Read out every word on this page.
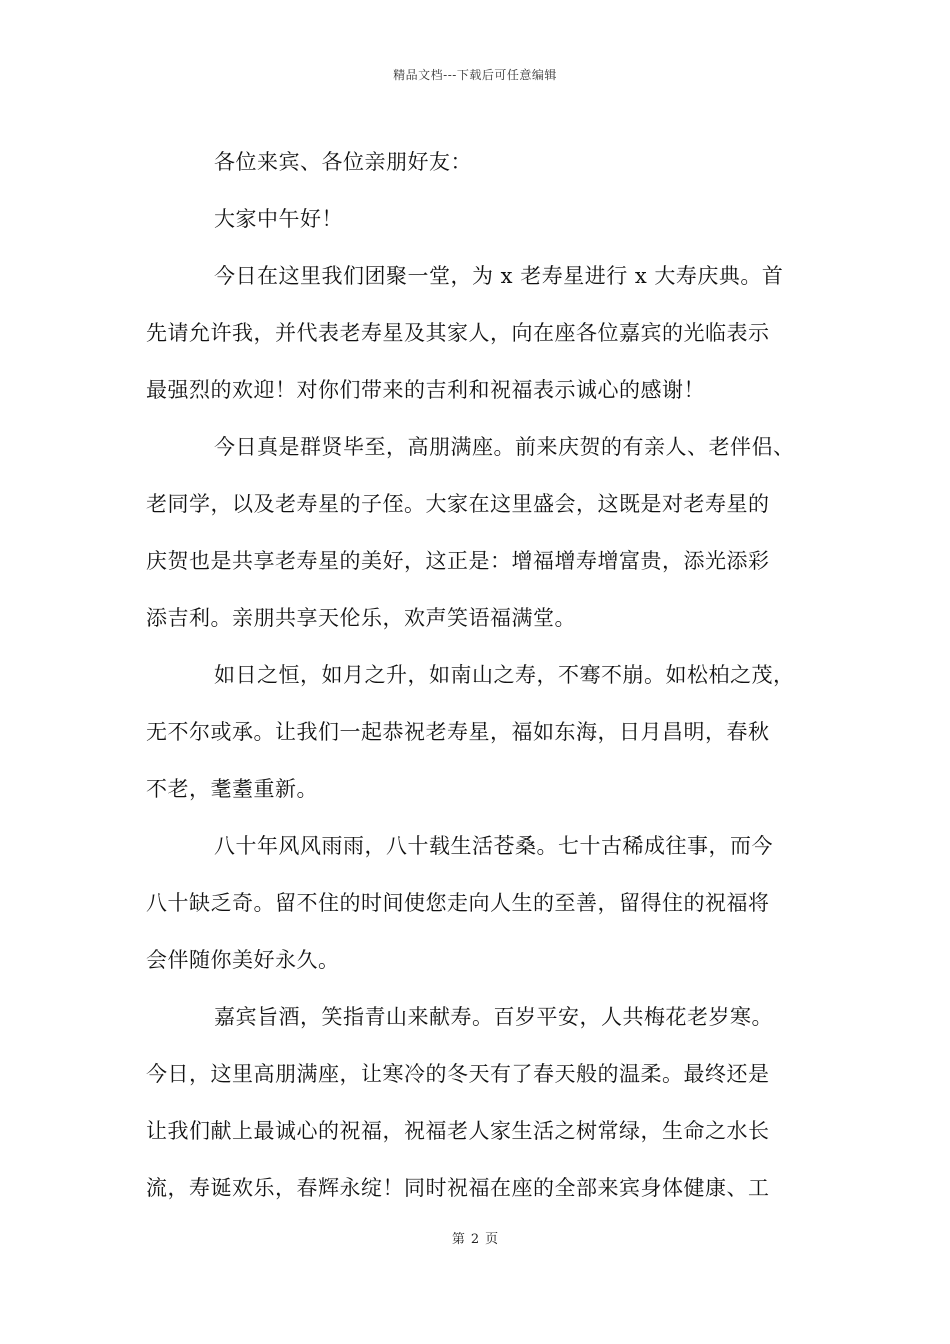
精品文档---下载后可任意编辑
各位来宾、各位亲朋好友：
大家中午好！
今日在这里我们团聚一堂，为 x 老寿星进行 x 大寿庆典。首
先请允许我，并代表老寿星及其家人，向在座各位嘉宾的光临表示
最强烈的欢迎！对你们带来的吉利和祝福表示诚心的感谢！
今日真是群贤毕至，高朋满座。前来庆贺的有亲人、老伴侣、
老同学，以及老寿星的子侄。大家在这里盛会，这既是对老寿星的
庆贺也是共享老寿星的美好，这正是：增福增寿增富贵，添光添彩
添吉利。亲朋共享天伦乐，欢声笑语福满堂。
如日之恒，如月之升，如南山之寿，不骞不崩。如松柏之茂，
无不尔或承。让我们一起恭祝老寿星，福如东海，日月昌明，春秋
不老，耄耋重新。
八十年风风雨雨，八十载生活苍桑。七十古稀成往事，而今
八十缺乏奇。留不住的时间使您走向人生的至善，留得住的祝福将
会伴随你美好永久。
嘉宾旨酒，笑指青山来献寿。百岁平安，人共梅花老岁寒。
今日，这里高朋满座，让寒冷的冬天有了春天般的温柔。最终还是
让我们献上最诚心的祝福，祝福老人家生活之树常绿，生命之水长
流，寿诞欢乐，春辉永绽！同时祝福在座的全部来宾身体健康、工
第 2 页
